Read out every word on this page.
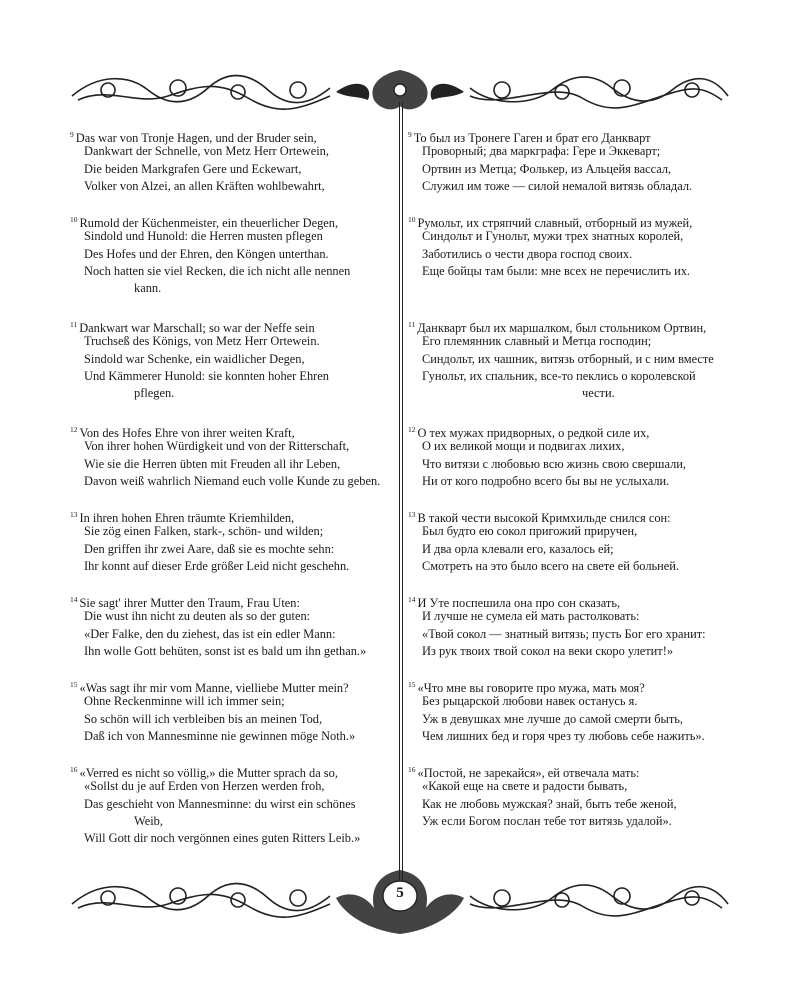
$^9$ Das war von Tronje Hagen, und der Bruder sein,
Dankwart der Schnelle, von Metz Herr Ortewein,
Die beiden Markgrafen Gere und Eckewart,
Volker von Alzei, an allen Kräften wohlbewahrt,
$^{10}$ Rumold der Küchenmeister, ein theuerlicher Degen,
Sindold und Hunold: die Herren musten pflegen
Des Hofes und der Ehren, den Köngen unterthan.
Noch hatten sie viel Recken, die ich nicht alle nennen
kann.
$^{11}$ Dankwart war Marschall; so war der Neffe sein
Truchseß des Königs, von Metz Herr Ortewein.
Sindold war Schenke, ein waidlicher Degen,
Und Kämmerer Hunold: sie konnten hoher Ehren
pflegen.
$^{12}$ Von des Hofes Ehre von ihrer weiten Kraft,
Von ihrer hohen Würdigkeit und von der Ritterschaft,
Wie sie die Herren übten mit Freuden all ihr Leben,
Davon weiß wahrlich Niemand euch volle Kunde zu geben.
$^{13}$ In ihren hohen Ehren träumte Kriemhilden,
Sie zög einen Falken, stark-, schön- und wilden;
Den griffen ihr zwei Aare, daß sie es mochte sehn:
Ihr konnt auf dieser Erde größer Leid nicht geschehn.
$^{14}$ Sie sagt' ihrer Mutter den Traum, Frau Uten:
Die wust ihn nicht zu deuten als so der guten:
«Der Falke, den du ziehest, das ist ein edler Mann:
Ihn wolle Gott behüten, sonst ist es bald um ihn gethan.»
$^{15}$ «Was sagt ihr mir vom Manne, vielliebe Mutter mein?
Ohne Reckenminne will ich immer sein;
So schön will ich verbleiben bis an meinen Tod,
Daß ich von Mannesminne nie gewinnen möge Noth.»
$^{16}$ «Verred es nicht so völlig,» die Mutter sprach da so,
«Sollst du je auf Erden von Herzen werden froh,
Das geschieht von Mannesminne: du wirst ein schönes
Weib,
Will Gott dir noch vergönnen eines guten Ritters Leib.»
$^9$ То был из Тронеге Гаген и брат его Данкварт
Проворный; два маркграфа: Гере и Эккеварт;
Ортвин из Метца; Фолькер, из Альцейя вассал,
Служил им тоже — силой немалой витязь обладал.
$^{10}$ Румольт, их стряпчий славный, отборный из мужей,
Синдольт и Гунольт, мужи трех знатных королей,
Заботились о чести двора господ своих.
Еще бойцы там были: мне всех не перечислить их.
$^{11}$ Данкварт был их маршалком, был стольником Ортвин,
Его племянник славный и Метца господин;
Синдольт, их чашник, витязь отборный, и с ним вместе
Гунольт, их спальник, все-то пеклись о королевской
чести.
$^{12}$ О тех мужах придворных, о редкой силе их,
О их великой мощи и подвигах лихих,
Что витязи с любовью всю жизнь свою свершали,
Ни от кого подробно всего бы вы не услыхали.
$^{13}$ В такой чести высокой Кримхильде снился сон:
Был будто ею сокол пригожий приручен,
И два орла клевали его, казалось ей;
Смотреть на это было всего на свете ей больней.
$^{14}$ И Уте поспешила она про сон сказать,
И лучше не сумела ей мать растолковать:
«Твой сокол — знатный витязь; пусть Бог его хранит:
Из рук твоих твой сокол на веки скоро улетит!»
$^{15}$ «Что мне вы говорите про мужа, мать моя?
Без рыцарской любови навек останусь я.
Уж в девушках мне лучше до самой смерти быть,
Чем лишних бед и горя чрез ту любовь себе нажить».
$^{16}$ «Постой, не зарекайся», ей отвечала мать:
«Какой еще на свете и радости бывать,
Как не любовь мужская? знай, быть тебе женой,
Уж если Богом послан тебе тот витязь удалой».
5
